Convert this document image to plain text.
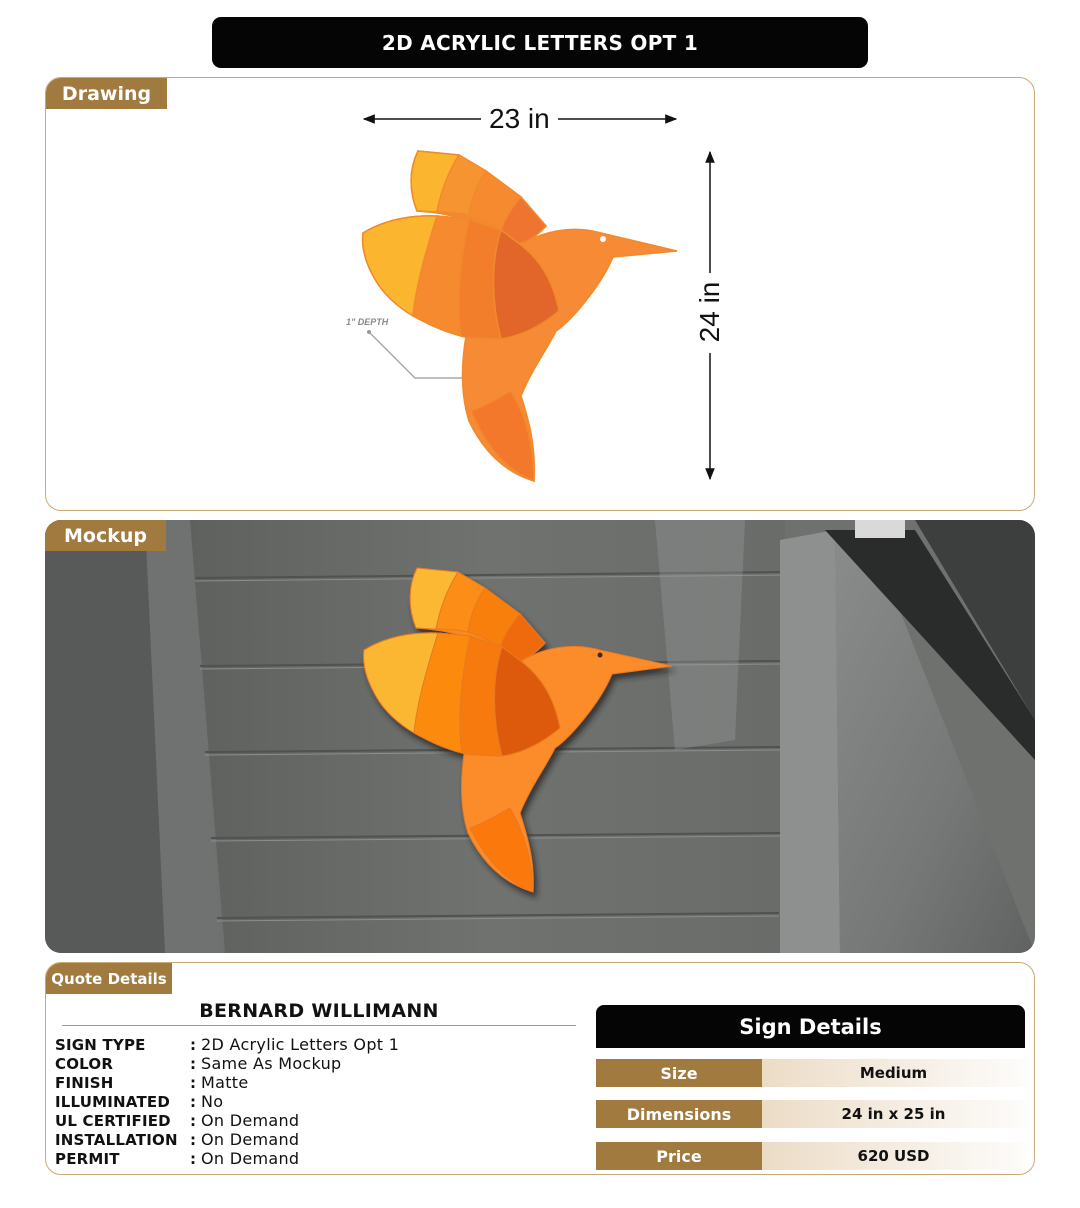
2D ACRYLIC LETTERS OPT 1
Drawing
23 in
24 in
1" DEPTH
Mockup
Quote Details
BERNARD WILLIMANN
SIGN TYPE	: 2D Acrylic Letters Opt 1
COLOR	: Same As Mockup
FINISH	: Matte
ILLUMINATED	: No
UL CERTIFIED	: On Demand
INSTALLATION : On Demand
PERMIT	: On Demand
Sign Details
Size	Medium
Dimensions	24 in x 25 in
Price	620 USD
